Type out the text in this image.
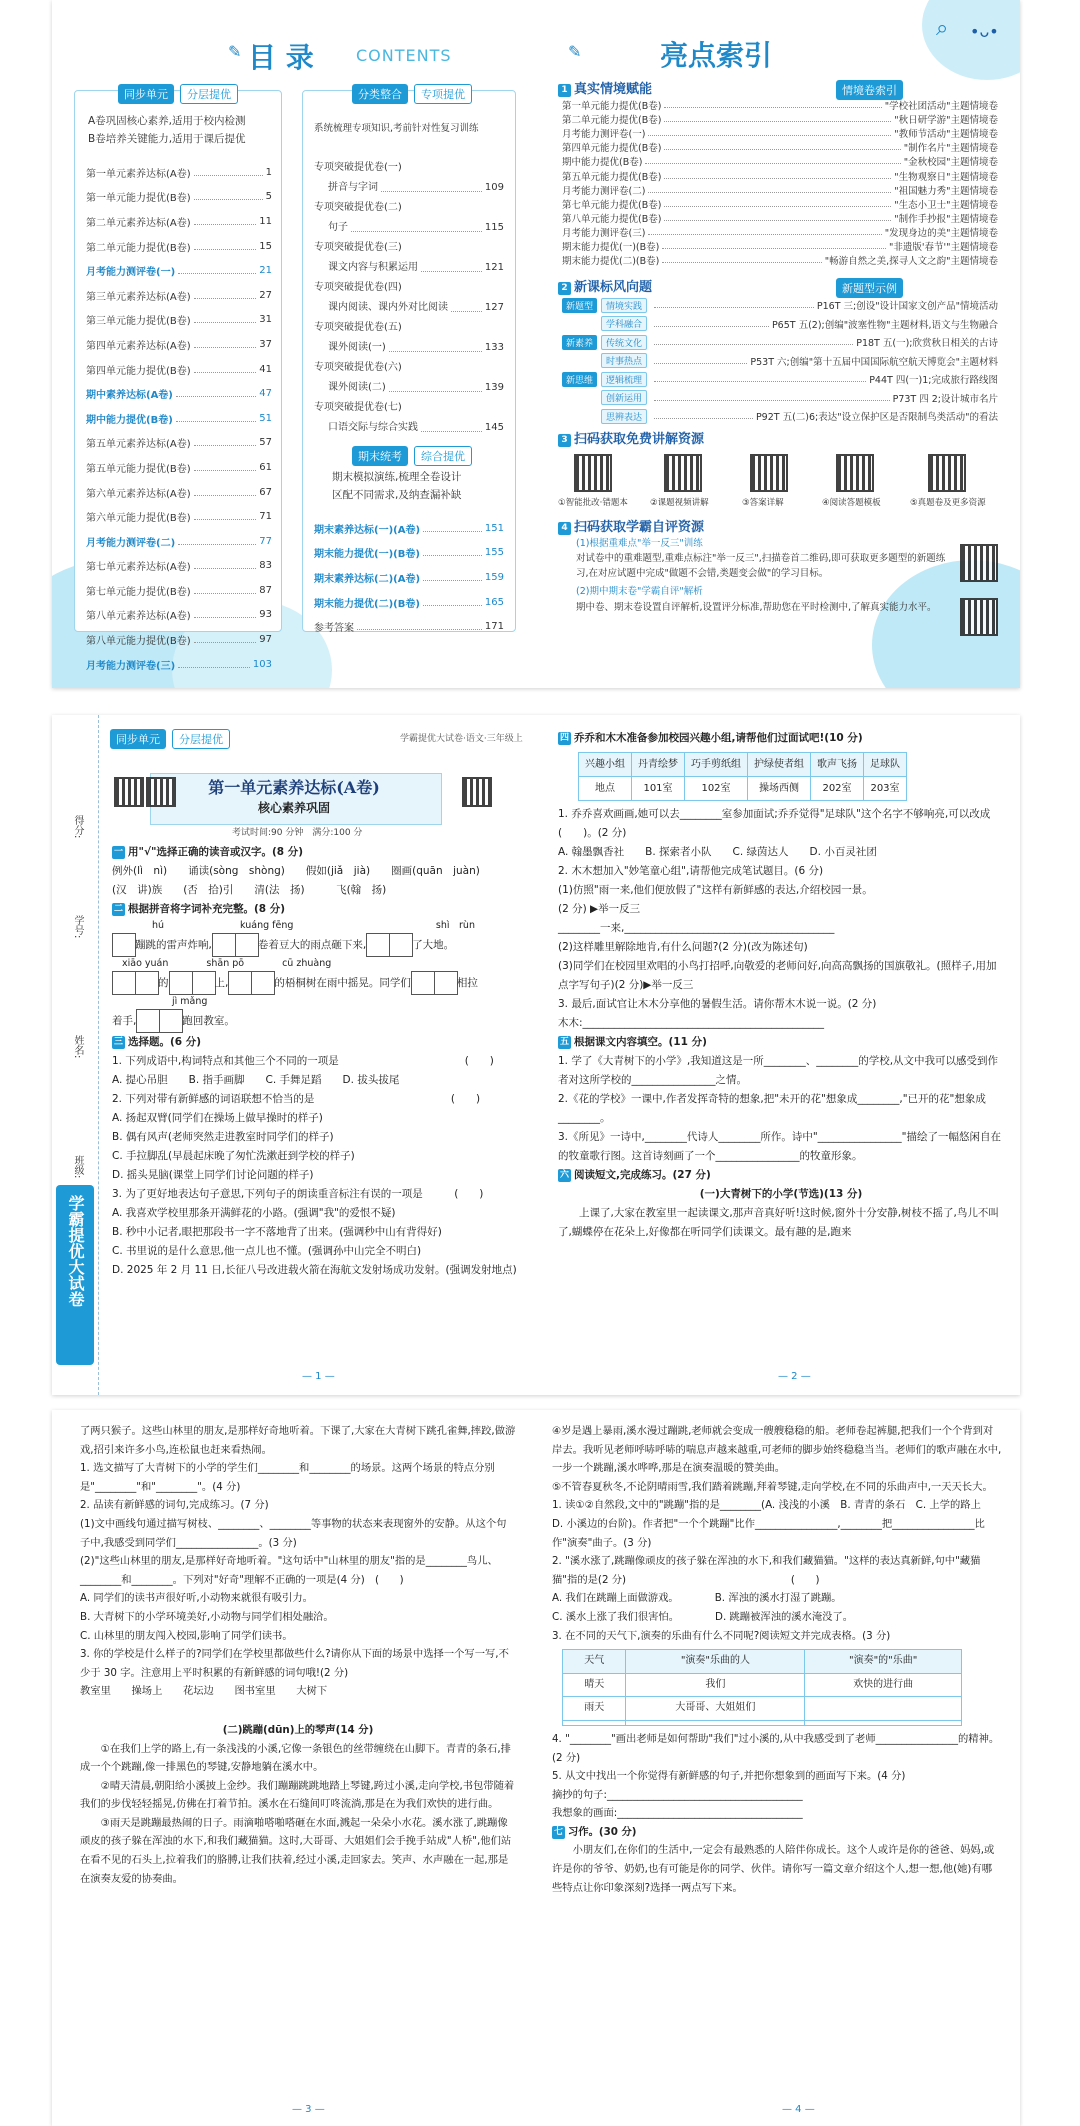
•ᴗ•
⌕
✎ 目 录	CONTENTS
同步单元	分层提优
A卷巩固核心素养,适用于校内检测
B卷培养关键能力,适用于课后提优
第一单元素养达标(A卷)	1
第一单元能力提优(B卷)	5
第二单元素养达标(A卷)	11
第二单元能力提优(B卷)	15
月考能力测评卷(一)	21
第三单元素养达标(A卷)	27
第三单元能力提优(B卷)	31
第四单元素养达标(A卷)	37
第四单元能力提优(B卷)	41
期中素养达标(A卷)	47
期中能力提优(B卷)	51
第五单元素养达标(A卷)	57
第五单元能力提优(B卷)	61
第六单元素养达标(A卷)	67
第六单元能力提优(B卷)	71
月考能力测评卷(二)	77
第七单元素养达标(A卷)	83
第七单元能力提优(B卷)	87
第八单元素养达标(A卷)	93
第八单元能力提优(B卷)	97
月考能力测评卷(三)	103
分类整合	专项提优
系统梳理专项知识,考前针对性复习训练
专项突破提优卷(一)
拼音与字词	109
专项突破提优卷(二)
句子	115
专项突破提优卷(三)
课文内容与积累运用	121
专项突破提优卷(四)
课内阅读、课内外对比阅读	127
专项突破提优卷(五)
课外阅读(一)	133
专项突破提优卷(六)
课外阅读(二)	139
专项突破提优卷(七)
口语交际与综合实践	145
期末统考	综合提优
期末模拟演练,梳理全卷设计
区配不同需求,及纳查漏补缺
期末素养达标(一)(A卷)	151
期末能力提优(一)(B卷)	155
期末素养达标(二)(A卷)	159
期末能力提优(二)(B卷)	165
参考答案	171
✎	亮点索引
1 真实情境赋能	情境卷索引
第一单元能力提优(B卷)	"学校社团活动"主题情境卷
第二单元能力提优(B卷)	"秋日研学游"主题情境卷
月考能力测评卷(一)	"教师节活动"主题情境卷
第四单元能力提优(B卷)	"制作名片"主题情境卷
期中能力提优(B卷)	"金秋校园"主题情境卷
第五单元能力提优(B卷)	"生物观察日"主题情境卷
月考能力测评卷(二)	"祖国魅力秀"主题情境卷
第七单元能力提优(B卷)	"生态小卫士"主题情境卷
第八单元能力提优(B卷)	"制作手抄报"主题情境卷
月考能力测评卷(三)	"发现身边的美"主题情境卷
期末能力提优(一)(B卷)	"非遗版'春节'"主题情境卷
期末能力提优(二)(B卷)	"畅游自然之美,探寻人文之韵"主题情境卷
2 新课标风向题	新题型示例
新题型	情境实践	P16T 三;创设"设计国家文创产品"情境活动
学科融合	P65T 五(2);创编"波塞性物"主题材料,语文与生物融合
新素养	传统文化	P18T 五(一);欣赏秋日相关的古诗
时事热点	P53T 六;创编"第十五届中国国际航空航天博览会"主题材料
新思维	逻辑梳理	P44T 四(一)1;完成旅行路线图
创新运用	P73T 四 2;设计城市名片
思辨表达	P92T 五(二)6;表达"设立保护区是否限制鸟类活动"的看法
3 扫码获取免费讲解资源
①智能批改·错题本	②课题视频讲解	③答案详解	④阅读答题模板	⑤真题卷及更多资源
4 扫码获取学霸自评资源
(1)根据重难点"举一反三"训练
对试卷中的重难题型,重难点标注"举一反三",扫描卷首二维码,即可获取更多题型的新题练习,在对应试题中完成"做题不会错,类题变会做"的学习目标。
(2)期中期末卷"学霸自评"解析
期中卷、期末卷设置自评解析,设置评分标准,帮助您在平时检测中,了解真实能力水平。
得分:
学号:
姓名:
班级:
学霸提优大试卷
同步单元	分层提优	学霸提优大试卷·语文·三年级上
第一单元素养达标(A卷)
核心素养巩固
考试时间:90 分钟　满分:100 分

一 用"√"选择正确的读音或汉字。(8 分)

例外(lì　nì)　　诵读(sòng　shòng)　　假如(jiǎ　jià)　　圈画(quān　juàn)

(汉　讲)族　　(否　拾)引　　清(法　扬)　　　飞(翰　扬)

二 根据拼音将字词补充完整。(8 分)

hú　　　　　　　　kuáng fēng　　　　　　　　　　　　　　　shì　rùn

蹦跳的雷声炸响,	卷着豆大的雨点砸下来,	了大地。

xiāo yuán　　　　shān pō　　　　cū zhuàng

的	上,	的梧桐树在雨中摇晃。同学们	相拉

jì mǎng

着手,	跑回教室。

三 选择题。(6 分)

1. 下列成语中,构词特点和其他三个不同的一项是　　　　　　　　　　　　(　　)

A. 提心吊胆　　B. 指手画脚　　C. 手舞足蹈　　D. 拔头拔尾

2. 下列对带有新鲜感的词语联想不恰当的是　　　　　　　　　　　　　(　　)

A. 扬起双臂(同学们在操场上做早操时的样子)

B. 偶有风声(老师突然走进教室时同学们的样子)

C. 手拉脚乱(早晨起床晚了匆忙洗漱赶到学校的样子)

D. 摇头晃脑(课堂上同学们讨论问题的样子)

3. 为了更好地表达句子意思,下列句子的朗读重音标注有误的一项是　　　(　　)

A. 我喜欢学校里那条开满鲜花的小路。(强调"我"的爱恨不疑)

B. 秒中小记者,眼把那段书一字不落地背了出来。(强调秒中山有背得好)

C. 书里说的是什么意思,他一点儿也不懂。(强调孙中山完全不明白)

D. 2025 年 2 月 11 日,长征八号改进载火箭在海航文发射场成功发射。(强调发射地点)

— 1 —

四 乔乔和木木准备参加校园兴趣小组,请帮他们过面试吧!(10 分)

兴趣小组	丹青绘梦	巧手剪纸组	护绿使者组	歌声飞扬	足球队
地点	101室	102室	操场西侧	202室	203室

1. 乔乔喜欢画画,她可以去________室参加面试;乔乔觉得"足球队"这个名字不够响亮,可以改成(　　)。(2 分)

A. 翰墨飘香社　　B. 探索者小队　　C. 绿茵达人　　D. 小百灵社团

2. 木木想加入"妙笔童心组",请帮他完成笔试题目。(6 分)

(1)仿照"雨一来,他们便放假了"这样有新鲜感的表达,介绍校园一景。

(2 分) ▶举一反三

________一来,________________________________________

(2)这样雕里解除地肯,有什么问题?(2 分)(改为陈述句)

(3)同学们在校园里欢唱的小鸟打招呼,向敬爱的老师问好,向高高飘扬的国旗敬礼。(照样子,用加点字写句子)(2 分)▶举一反三

3. 最后,面试官让木木分享他的暑假生活。请你帮木木说一说。(2 分)

木木:______________________________________________

五 根据课文内容填空。(11 分)

1. 学了《大青树下的小学》,我知道这是一所________、________的学校,从文中我可以感受到作者对这所学校的________________之情。

2.《花的学校》一课中,作者发挥奇特的想象,把"未开的花"想象成________,"已开的花"想象成________。

3.《所见》一诗中,________代诗人________所作。诗中"________________"描绘了一幅悠闲自在的牧童歌行图。这首诗刻画了一个________________的牧童形象。

六 阅读短文,完成练习。(27 分)

(一)大青树下的小学(节选)(13 分)

上课了,大家在教室里一起读课文,那声音真好听!这时候,窗外十分安静,树枝不摇了,鸟儿不叫了,蝴蝶停在花朵上,好像都在听同学们读课文。最有趣的是,跑来

— 2 —

了两只猴子。这些山林里的朋友,是那样好奇地听着。下课了,大家在大青树下跳孔雀舞,摔跤,做游戏,招引来许多小鸟,连松鼠也赶来看热闹。

1. 选文描写了大青树下的小学的学生们________和________的场景。这两个场景的特点分别是"________"和"________"。(4 分)

2. 品读有新鲜感的词句,完成练习。(7 分)

(1)文中画线句通过描写树枝、________、________等事物的状态来表现窗外的安静。从这个句子中,我感受到同学们________________。(3 分)

(2)"这些山林里的朋友,是那样好奇地听着。"这句话中"山林里的朋友"指的是________鸟儿、________和________。下列对"好奇"理解不正确的一项是(4 分)　(　　)

A. 同学们的读书声很好听,小动物来就很有吸引力。

B. 大青树下的小学环境美好,小动物与同学们相处融洽。

C. 山林里的朋友闯入校园,影响了同学们读书。

3. 你的学校是什么样子的?同学们在学校里都做些什么?请你从下面的场景中选择一个写一写,不少于 30 字。注意用上平时积累的有新鲜感的词句哦!(2 分)

教室里　　操场上　　花坛边　　图书室里　　大树下

(二)跳蹦(dūn)上的琴声(14 分)

①在我们上学的路上,有一条浅浅的小溪,它像一条银色的丝带缠绕在山脚下。青青的条石,排成一个个跳蹦,像一排黑色的琴键,安静地躺在溪水中。

②晴天清晨,朝阳给小溪披上金纱。我们蹦蹦跳跳地踏上琴键,跨过小溪,走向学校,书包带随着我们的步伐轻轻摇晃,仿佛在打着节拍。溪水在石缝间叮咚流淌,那是在为我们欢快的进行曲。

③雨天是跳蹦最热闹的日子。雨滴啪嗒啪嗒砸在水面,溅起一朵朵小水花。溪水涨了,跳蹦像顽皮的孩子躲在浑浊的水下,和我们藏猫猫。这时,大哥哥、大姐姐们会手挽手站成"人桥",他们站在看不见的石头上,拉着我们的胳膊,让我们扶着,经过小溪,走回家去。笑声、水声融在一起,那是在演奏友爱的协奏曲。

— 3 —

④岁是遇上暴雨,溪水漫过蹦跳,老师就会变成一艘艘稳稳的船。老师卷起裤腿,把我们一个个背到对岸去。我听见老师呼哧呼哧的喘息声越来越重,可老师的脚步始终稳稳当当。老师们的歌声融在水中,一步一个跳蹦,溪水哗哗,那是在演奏温暖的赞美曲。

⑤不管春夏秋冬,不论阴晴雨雪,我们踏着跳蹦,拜着琴键,走向学校,在不同的乐曲声中,一天天长大。

1. 读①②自然段,文中的"跳蹦"指的是________(A. 浅浅的小溪　B. 青青的条石　C. 上学的路上　D. 小溪边的台阶)。作者把"一个个跳蹦"比作________________,________把________________比作"演奏"曲子。(3 分)

2. "溪水涨了,跳蹦像顽皮的孩子躲在浑浊的水下,和我们藏猫猫。"这样的表达真新鲜,句中"藏猫猫"指的是(2 分)　　　　　　　　　　　　　　　　(　　)

A. 我们在跳蹦上面做游戏。　　　　B. 浑浊的溪水打湿了跳蹦。

C. 溪水上涨了我们很害怕。　　　　D. 跳蹦被浑浊的溪水淹没了。

3. 在不同的天气下,演奏的乐曲有什么不同呢?阅读短文并完成表格。(3 分)

天气	"演奏"乐曲的人	"演奏"的"乐曲"
晴天	我们	欢快的进行曲
雨天	大哥哥、大姐姐们	

4. "________"画出老师是如何帮助"我们"过小溪的,从中我感受到了老师________________的精神。(2 分)

5. 从文中找出一个你觉得有新鲜感的句子,并把你想象到的画面写下来。(4 分)

摘抄的句子:______________________________________

我想象的画面:____________________________________

七 习作。(30 分)

小朋友们,在你们的生活中,一定会有最熟悉的人陪伴你成长。这个人或许是你的爸爸、妈妈,或许是你的爷爷、奶奶,也有可能是你的同学、伙伴。请你写一篇文章介绍这个人,想一想,他(她)有哪些特点让你印象深刻?选择一两点写下来。

— 4 —
